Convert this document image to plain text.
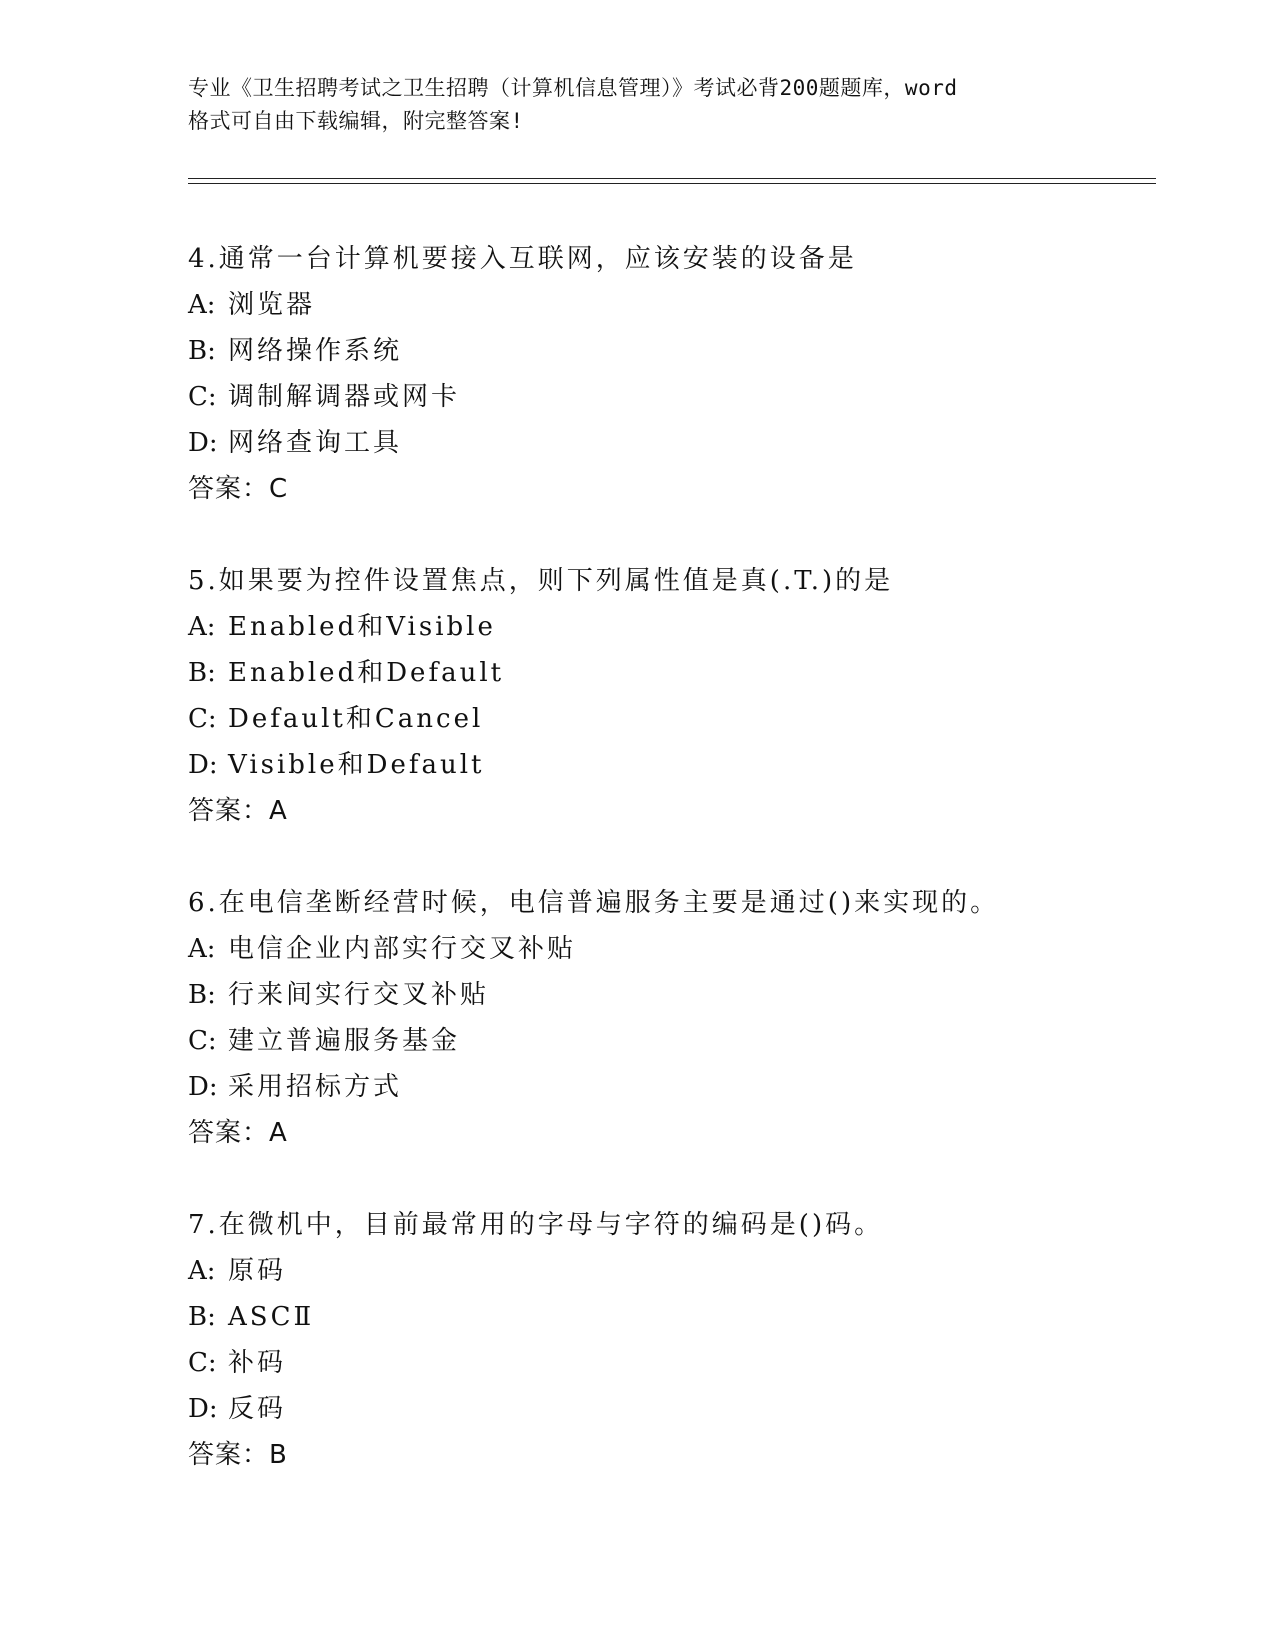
专业《卫生招聘考试之卫生招聘（计算机信息管理）》考试必背200题题库，word
格式可自由下载编辑，附完整答案!
4.通常一台计算机要接入互联网，应该安装的设备是
A: 浏览器
B: 网络操作系统
C: 调制解调器或网卡
D: 网络查询工具
答案：C
5.如果要为控件设置焦点，则下列属性值是真(.T.)的是
A: Enabled和Visible
B: Enabled和Default
C: Default和Cancel
D: Visible和Default
答案：A
6.在电信垄断经营时候，电信普遍服务主要是通过()来实现的。
A: 电信企业内部实行交叉补贴
B: 行来间实行交叉补贴
C: 建立普遍服务基金
D: 采用招标方式
答案：A
7.在微机中，目前最常用的字母与字符的编码是()码。
A: 原码
B: ASCⅡ
C: 补码
D: 反码
答案：B
